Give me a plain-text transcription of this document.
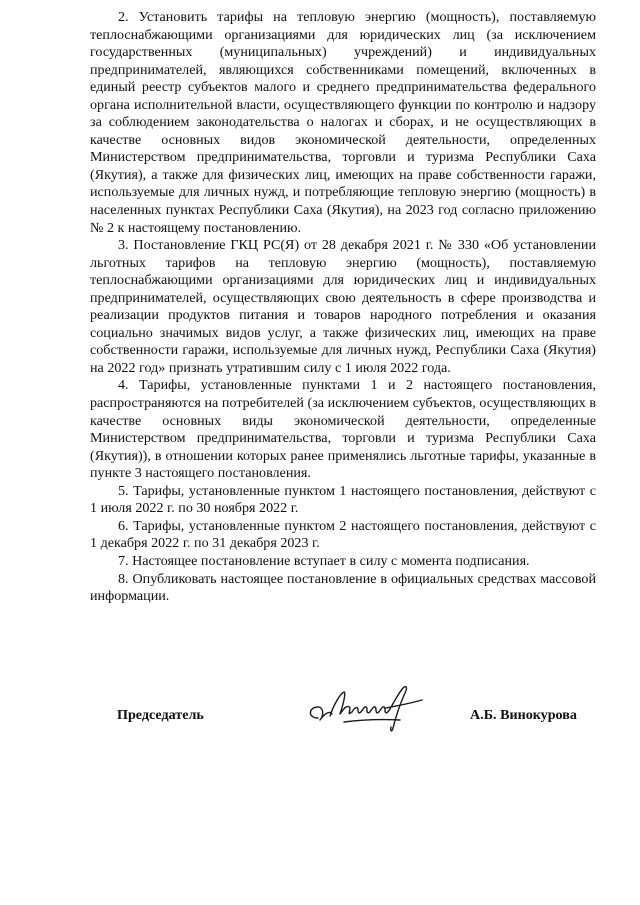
2. Установить тарифы на тепловую энергию (мощность), поставляемую теплоснабжающими организациями для юридических лиц (за исключением государственных (муниципальных) учреждений) и индивидуальных предпринимателей, являющихся собственниками помещений, включенных в единый реестр субъектов малого и среднего предпринимательства федерального органа исполнительной власти, осуществляющего функции по контролю и надзору за соблюдением законодательства о налогах и сборах, и не осуществляющих в качестве основных видов экономической деятельности, определенных Министерством предпринимательства, торговли и туризма Республики Саха (Якутия), а также для физических лиц, имеющих на праве собственности гаражи, используемые для личных нужд, и потребляющие тепловую энергию (мощность) в населенных пунктах Республики Саха (Якутия), на 2023 год согласно приложению № 2 к настоящему постановлению.

3. Постановление ГКЦ РС(Я) от 28 декабря 2021 г. № 330 «Об установлении льготных тарифов на тепловую энергию (мощность), поставляемую теплоснабжающими организациями для юридических лиц и индивидуальных предпринимателей, осуществляющих свою деятельность в сфере производства и реализации продуктов питания и товаров народного потребления и оказания социально значимых видов услуг, а также физических лиц, имеющих на праве собственности гаражи, используемые для личных нужд, Республики Саха (Якутия) на 2022 год» признать утратившим силу с 1 июля 2022 года.

4. Тарифы, установленные пунктами 1 и 2 настоящего постановления, распространяются на потребителей (за исключением субъектов, осуществляющих в качестве основных виды экономической деятельности, определенные Министерством предпринимательства, торговли и туризма Республики Саха (Якутия)), в отношении которых ранее применялись льготные тарифы, указанные в пункте 3 настоящего постановления.

5. Тарифы, установленные пунктом 1 настоящего постановления, действуют с 1 июля 2022 г. по 30 ноября 2022 г.

6. Тарифы, установленные пунктом 2 настоящего постановления, действуют с 1 декабря 2022 г. по 31 декабря 2023 г.

7. Настоящее постановление вступает в силу с момента подписания.

8. Опубликовать настоящее постановление в официальных средствах массовой информации.

Председатель	А.Б. Винокурова
